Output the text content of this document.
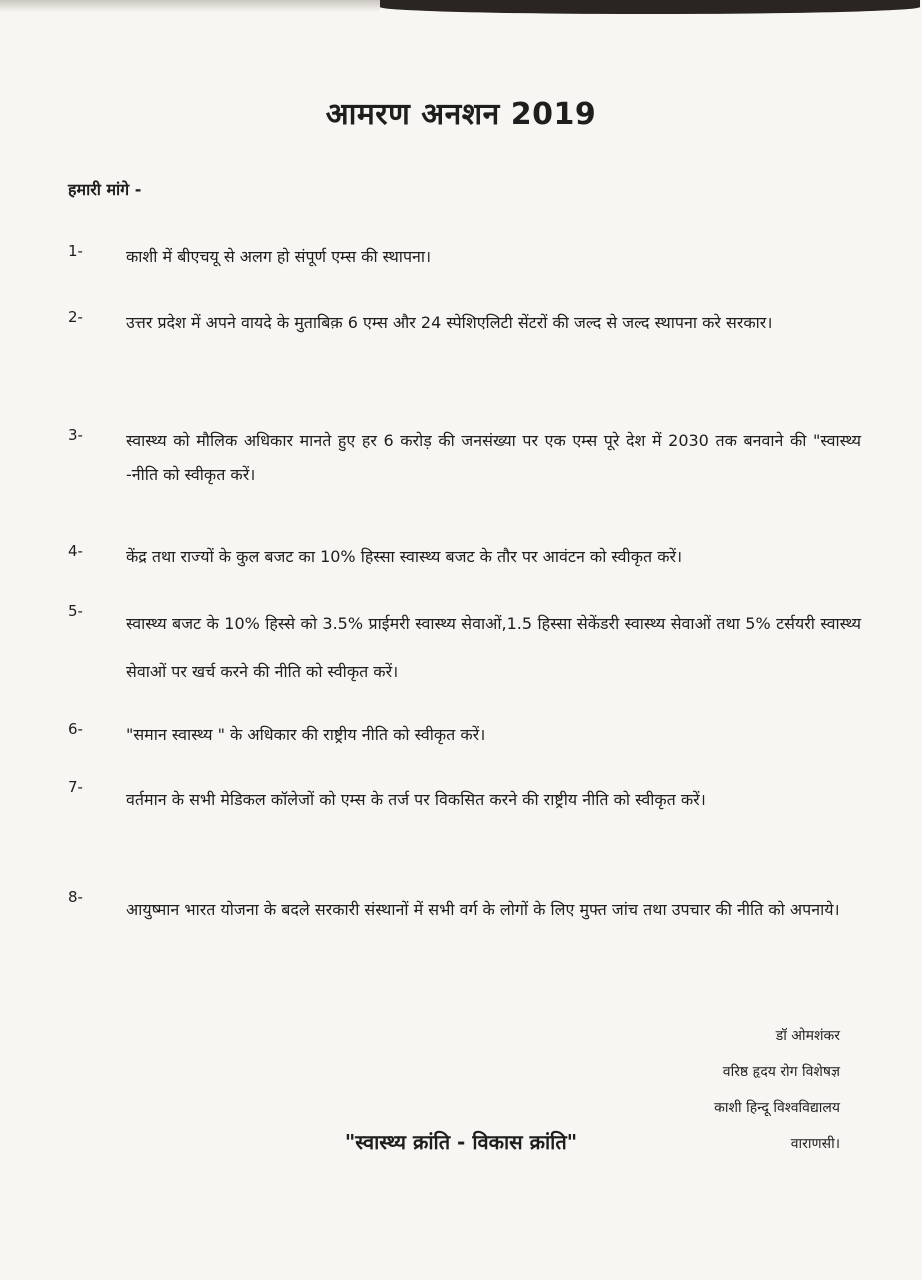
आमरण अनशन 2019
हमारी मांगे -
1-	काशी में बीएचयू से अलग हो संपूर्ण एम्स की स्थापना।
2-	उत्तर प्रदेश में अपने वायदे के मुताबिक़ 6 एम्स और 24 स्पेशिएलिटी सेंटरों की जल्द से जल्द स्थापना करे सरकार।
3-	स्वास्थ्य को मौलिक अधिकार मानते हुए हर 6 करोड़ की जनसंख्या पर एक एम्स पूरे देश में 2030 तक बनवाने की "स्वास्थ्य -नीति को स्वीकृत करें।
4-	केंद्र तथा राज्यों के कुल बजट का 10% हिस्सा स्वास्थ्य बजट के तौर पर आवंटन को स्वीकृत करें।
5-
स्वास्थ्य बजट के 10% हिस्से को 3.5% प्राईमरी स्वास्थ्य सेवाओं,1.5 हिस्सा सेकेंडरी स्वास्थ्य सेवाओं तथा 5% टर्सयरी स्वास्थ्य सेवाओं पर खर्च करने की नीति को स्वीकृत करें।
6-	"समान स्वास्थ्य " के अधिकार की राष्ट्रीय नीति को स्वीकृत करें।
7-
वर्तमान के सभी मेडिकल कॉलेजों को एम्स के तर्ज पर विकसित करने की राष्ट्रीय नीति को स्वीकृत करें।
8-
आयुष्मान भारत योजना के बदले सरकारी संस्थानों में सभी वर्ग के लोगों के लिए मुफ्त जांच तथा उपचार की नीति को अपनाये।
डॉ ओमशंकर
वरिष्ठ हृदय रोग विशेषज्ञ
काशी हिन्दू विश्वविद्यालय
वाराणसी।
"स्वास्थ्य क्रांति - विकास क्रांति"
